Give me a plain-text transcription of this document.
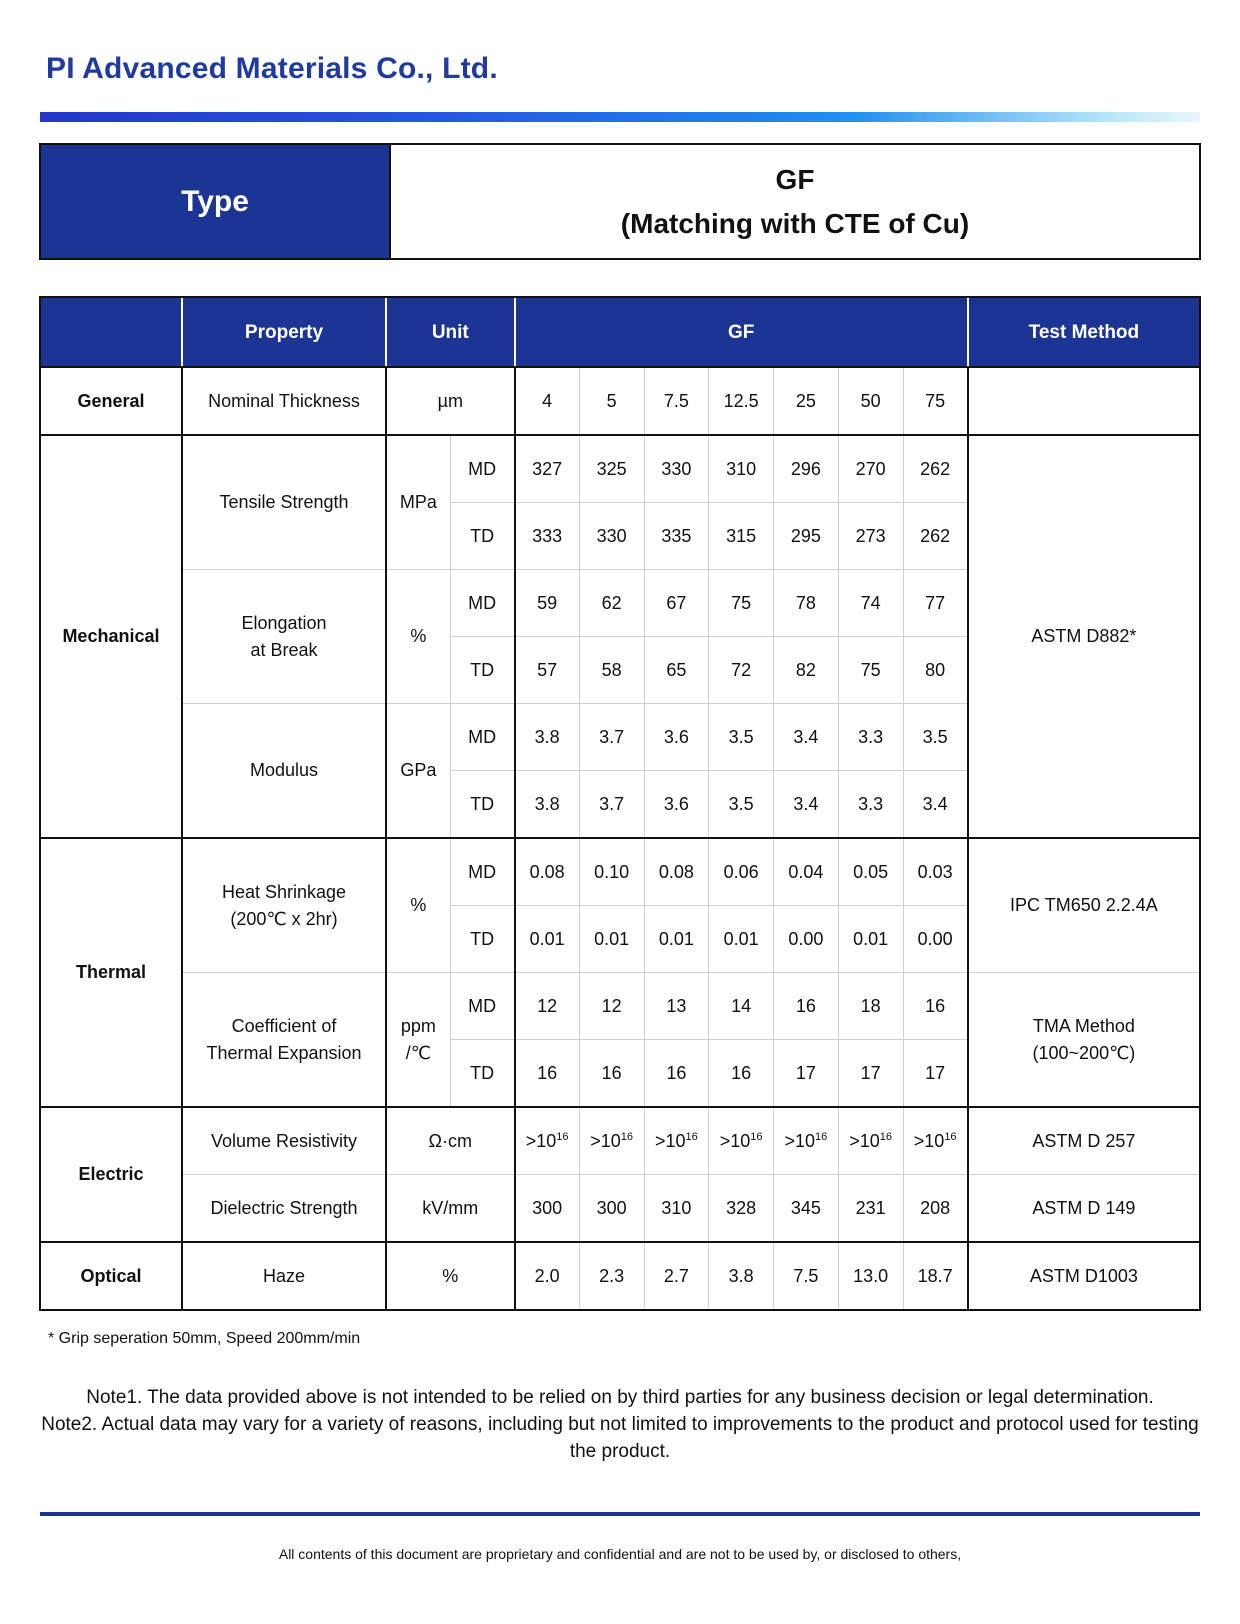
PI Advanced Materials Co., Ltd.
Type
GF
(Matching with CTE of Cu)
	Property	Unit		GF							Test Method
General	Nominal Thickness	µm		4	5	7.5	12.5	25	50	75	
Mechanical	Tensile Strength	MPa	MD	327	325	330	310	296	270	262	ASTM D882*
			TD	333	330	335	315	295	273	262	
	Elongation
at Break	%	MD	59	62	67	75	78	74	77	
			TD	57	58	65	72	82	75	80	
	Modulus	GPa	MD	3.8	3.7	3.6	3.5	3.4	3.3	3.5	
			TD	3.8	3.7	3.6	3.5	3.4	3.3	3.4	
Thermal	Heat Shrinkage
(200℃ x 2hr)	%	MD	0.08	0.10	0.08	0.06	0.04	0.05	0.03	IPC TM650 2.2.4A
			TD	0.01	0.01	0.01	0.01	0.00	0.01	0.00	
	Coefficient of
Thermal Expansion	ppm
/℃	MD	12	12	13	14	16	18	16	TMA Method
(100~200℃)
			TD	16	16	16	16	17	17	17	
Electric	Volume Resistivity	Ω·cm		$>10^{16}$	$>10^{16}$	$>10^{16}$	$>10^{16}$	$>10^{16}$	$>10^{16}$	$>10^{16}$	ASTM D 257
	Dielectric Strength	kV/mm		300	300	310	328	345	231	208	ASTM D 149
Optical	Haze	%		2.0	2.3	2.7	3.8	7.5	13.0	18.7	ASTM D1003
* Grip seperation 50mm, Speed 200mm/min
Note1. The data provided above is not intended to be relied on by third parties for any business decision or legal determination.
Note2. Actual data may vary for a variety of reasons, including but not limited to improvements to the product and protocol used for testing the product.
All contents of this document are proprietary and confidential and are not to be used by, or disclosed to others,
